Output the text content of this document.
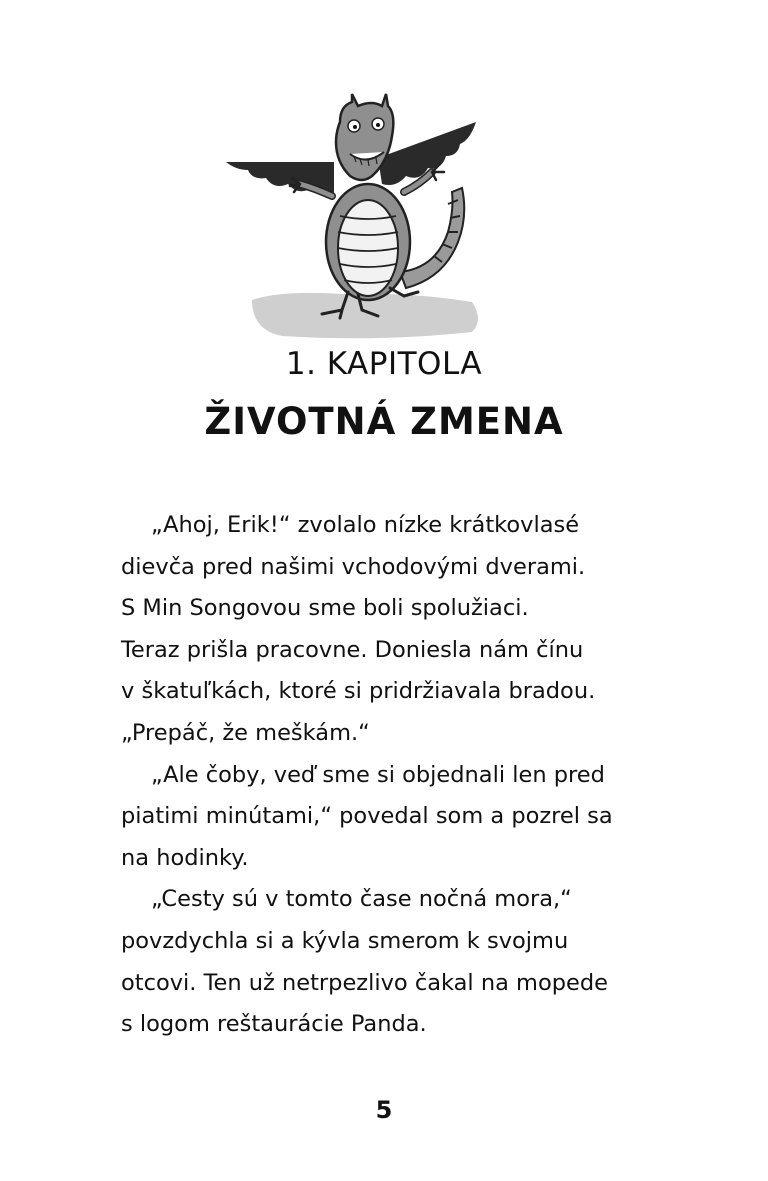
1. KAPITOLA
ŽIVOTNÁ ZMENA
„Ahoj, Erik!“ zvolalo nízke krátkovlasé
dievča pred našimi vchodovými dverami.
S Min Songovou sme boli spolužiaci.
Teraz prišla pracovne. Doniesla nám čínu
v škatuľkách, ktoré si pridržiavala bradou.
„Prepáč, že meškám.“
„Ale čoby, veď sme si objednali len pred
piatimi minútami,“ povedal som a pozrel sa
na hodinky.
„Cesty sú v tomto čase nočná mora,“
povzdychla si a kývla smerom k svojmu
otcovi. Ten už netrpezlivo čakal na mopede
s logom reštaurácie Panda.
5
